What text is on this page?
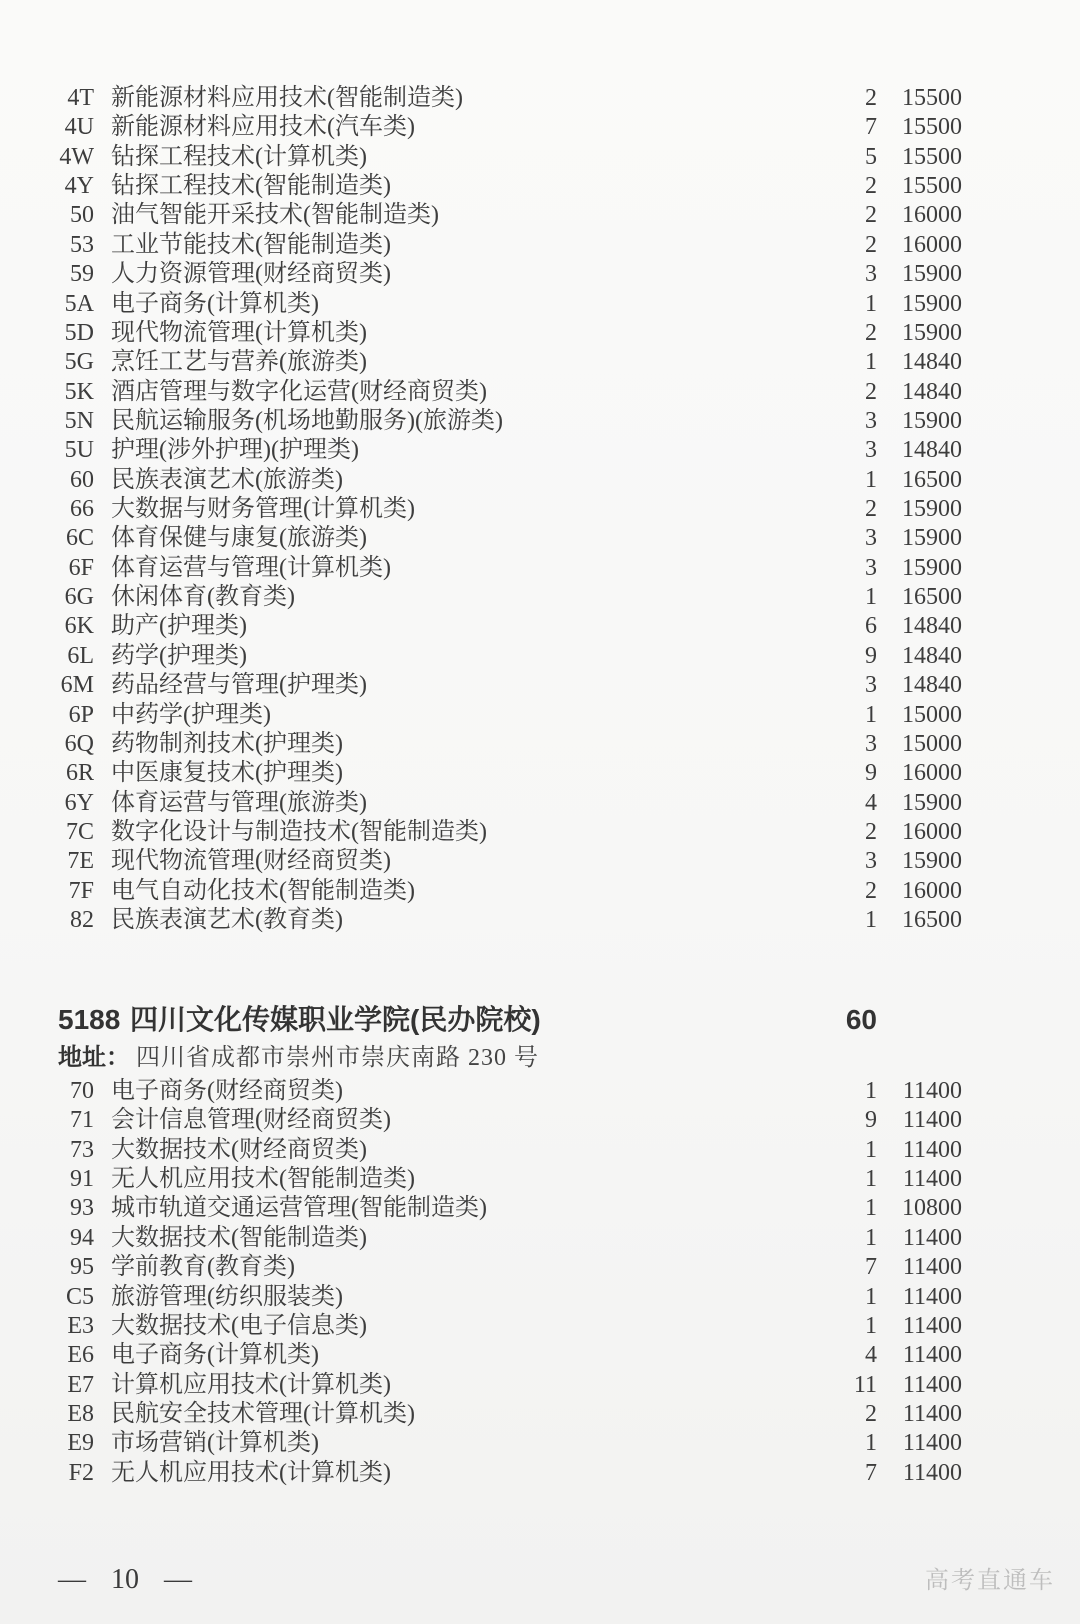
4T 新能源材料应用技术(智能制造类)	2	15500
4U 新能源材料应用技术(汽车类)	7	15500
4W 钻探工程技术(计算机类)	5	15500
4Y 钻探工程技术(智能制造类)	2	15500
50 油气智能开采技术(智能制造类)	2	16000
53 工业节能技术(智能制造类)	2	16000
59 人力资源管理(财经商贸类)	3	15900
5A 电子商务(计算机类)	1	15900
5D 现代物流管理(计算机类)	2	15900
5G 烹饪工艺与营养(旅游类)	1	14840
5K 酒店管理与数字化运营(财经商贸类)	2	14840
5N 民航运输服务(机场地勤服务)(旅游类)	3	15900
5U 护理(涉外护理)(护理类)	3	14840
60 民族表演艺术(旅游类)	1	16500
66 大数据与财务管理(计算机类)	2	15900
6C 体育保健与康复(旅游类)	3	15900
6F 体育运营与管理(计算机类)	3	15900
6G 休闲体育(教育类)	1	16500
6K 助产(护理类)	6	14840
6L 药学(护理类)	9	14840
6M 药品经营与管理(护理类)	3	14840
6P 中药学(护理类)	1	15000
6Q 药物制剂技术(护理类)	3	15000
6R 中医康复技术(护理类)	9	16000
6Y 体育运营与管理(旅游类)	4	15900
7C 数字化设计与制造技术(智能制造类)	2	16000
7E 现代物流管理(财经商贸类)	3	15900
7F 电气自动化技术(智能制造类)	2	16000
82 民族表演艺术(教育类)	1	16500
5188 四川文化传媒职业学院(民办院校)	60
地址： 四川省成都市崇州市崇庆南路 230 号
70 电子商务(财经商贸类)	1	11400
71 会计信息管理(财经商贸类)	9	11400
73 大数据技术(财经商贸类)	1	11400
91 无人机应用技术(智能制造类)	1	11400
93 城市轨道交通运营管理(智能制造类)	1	10800
94 大数据技术(智能制造类)	1	11400
95 学前教育(教育类)	7	11400
C5 旅游管理(纺织服装类)	1	11400
E3 大数据技术(电子信息类)	1	11400
E6 电子商务(计算机类)	4	11400
E7 计算机应用技术(计算机类)	11	11400
E8 民航安全技术管理(计算机类)	2	11400
E9 市场营销(计算机类)	1	11400
F2 无人机应用技术(计算机类)	7	11400
— 10 —	高考直通车
